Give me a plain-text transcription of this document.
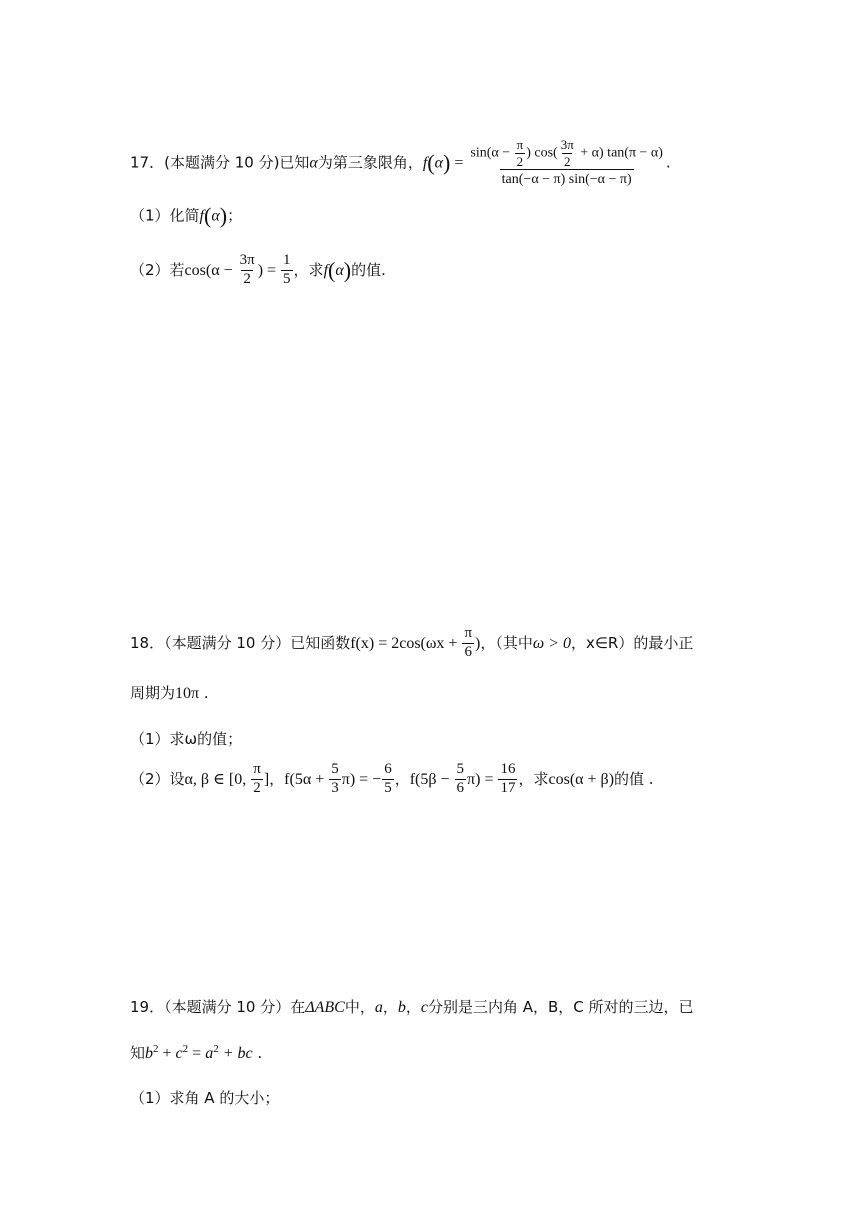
17．(本题满分 10 分)已知α为第三象限角，$f(\alpha) = \frac{\sin(\alpha - \frac{\pi}{2} ) \cos( \frac{3\pi}{2} + \alpha) \tan(\pi - \alpha)}{\tan(-\alpha - \pi) \sin(-\alpha - \pi)}$ .
（1）化简f(α)；
（2）若$\cos(\alpha - \frac{3\pi}{2}$ ) = $\frac{1}{5}$ ，求f(α)的值.
18．（本题满分 10 分）已知函数$f(x) = 2\cos(\omega x + \frac{\pi}{6}$ )，（其中ω > 0，x∈R）的最小正
周期为10π .
（1）求ω的值；
（2）设α, β ∈ [0, $\frac{\pi}{2}$ ]，$f(5\alpha + \frac{5}{3} \pi)$ = − $\frac{6}{5}$ ，$f(5\beta - \frac{5}{6} \pi) = \frac{16}{17}$ ，求cos(α + β)的值 .
19．（本题满分 10 分）在ΔABC中，a，b，c分别是三内角 A，B，C 所对的三边，已
知$b^2 + c^2 = a^2$ + bc .
（1）求角 A 的大小；
